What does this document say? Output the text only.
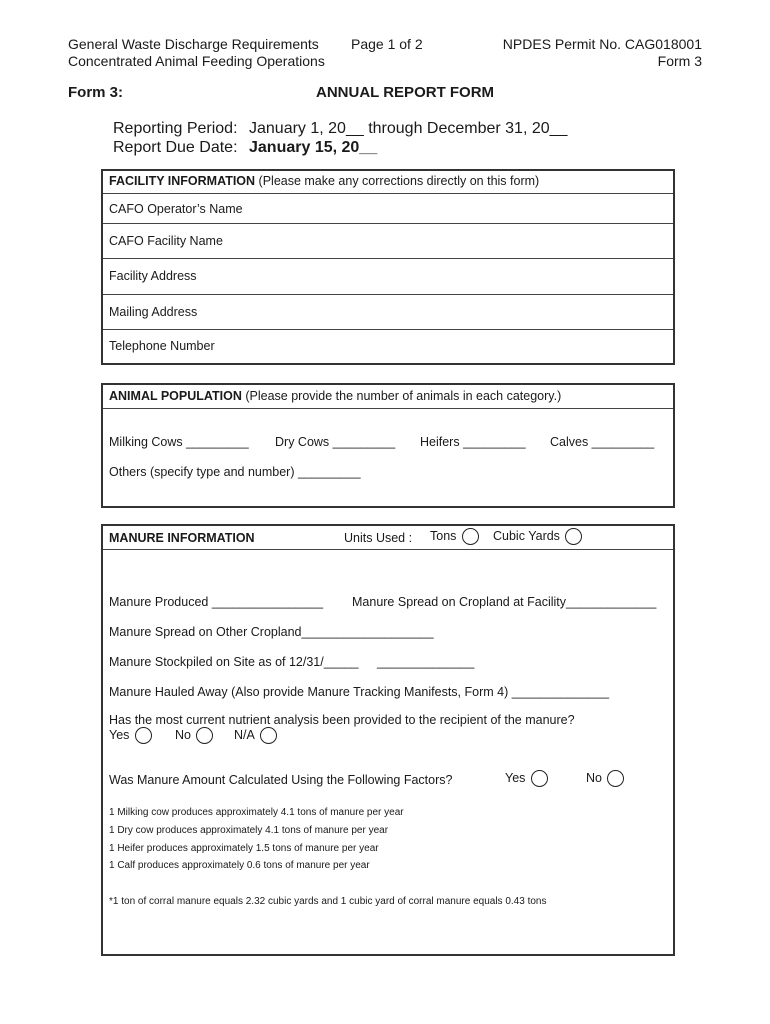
General Waste Discharge Requirements
Concentrated Animal Feeding Operations
Page 1 of 2	NPDES Permit No. CAG018001
Form 3
Form 3:	ANNUAL REPORT FORM
Reporting Period: January 1, 20__ through December 31, 20__
Report Due Date: January 15, 20__
FACILITY INFORMATION (Please make any corrections directly on this form)
CAFO Operator’s Name
CAFO Facility Name
Facility Address
Mailing Address
Telephone Number
ANIMAL POPULATION (Please provide the number of animals in each category.)
Milking Cows _________ Dry Cows _________ Heifers _________ Calves _________
Others (specify type and number) _________
MANURE INFORMATION	Units Used : Tons	Cubic Yards
Manure Produced ________________ Manure Spread on Cropland at Facility_____________
Manure Spread on Other Cropland___________________
Manure Stockpiled on Site as of 12/31/_____ ______________
Manure Hauled Away (Also provide Manure Tracking Manifests, Form 4) ______________
Has the most current nutrient analysis been provided to the recipient of the manure?
Yes	No	N/A
Was Manure Amount Calculated Using the Following Factors?	Yes	No
1 Milking cow produces approximately 4.1 tons of manure per year
1 Dry cow produces approximately 4.1 tons of manure per year
1 Heifer produces approximately 1.5 tons of manure per year
1 Calf produces approximately 0.6 tons of manure per year
*1 ton of corral manure equals 2.32 cubic yards and 1 cubic yard of corral manure equals 0.43 tons
